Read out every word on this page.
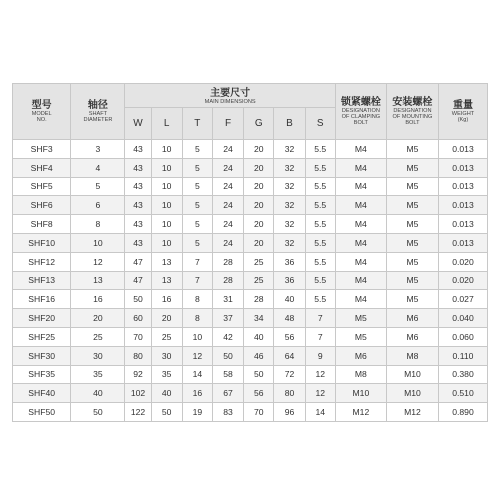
型号
MODEL
NO.	轴径
SHAFT
DIAMETER	主要尺寸
MAIN DIMENSIONS							锁紧螺栓
DESIGNATION
OF CLAMPING
BOLT	安装螺栓
DESIGNATION
OF MOUNTING
BOLT	重量
WEIGHT
(Kg)

		W	L	T	F	G	B	S			
SHF3	3	43	10	5	24	20	32	5.5	M4	M5	0.013
SHF4	4	43	10	5	24	20	32	5.5	M4	M5	0.013
SHF5	5	43	10	5	24	20	32	5.5	M4	M5	0.013
SHF6	6	43	10	5	24	20	32	5.5	M4	M5	0.013
SHF8	8	43	10	5	24	20	32	5.5	M4	M5	0.013
SHF10	10	43	10	5	24	20	32	5.5	M4	M5	0.013
SHF12	12	47	13	7	28	25	36	5.5	M4	M5	0.020
SHF13	13	47	13	7	28	25	36	5.5	M4	M5	0.020
SHF16	16	50	16	8	31	28	40	5.5	M4	M5	0.027
SHF20	20	60	20	8	37	34	48	7	M5	M6	0.040
SHF25	25	70	25	10	42	40	56	7	M5	M6	0.060
SHF30	30	80	30	12	50	46	64	9	M6	M8	0.110
SHF35	35	92	35	14	58	50	72	12	M8	M10	0.380
SHF40	40	102	40	16	67	56	80	12	M10	M10	0.510
SHF50	50	122	50	19	83	70	96	14	M12	M12	0.890
